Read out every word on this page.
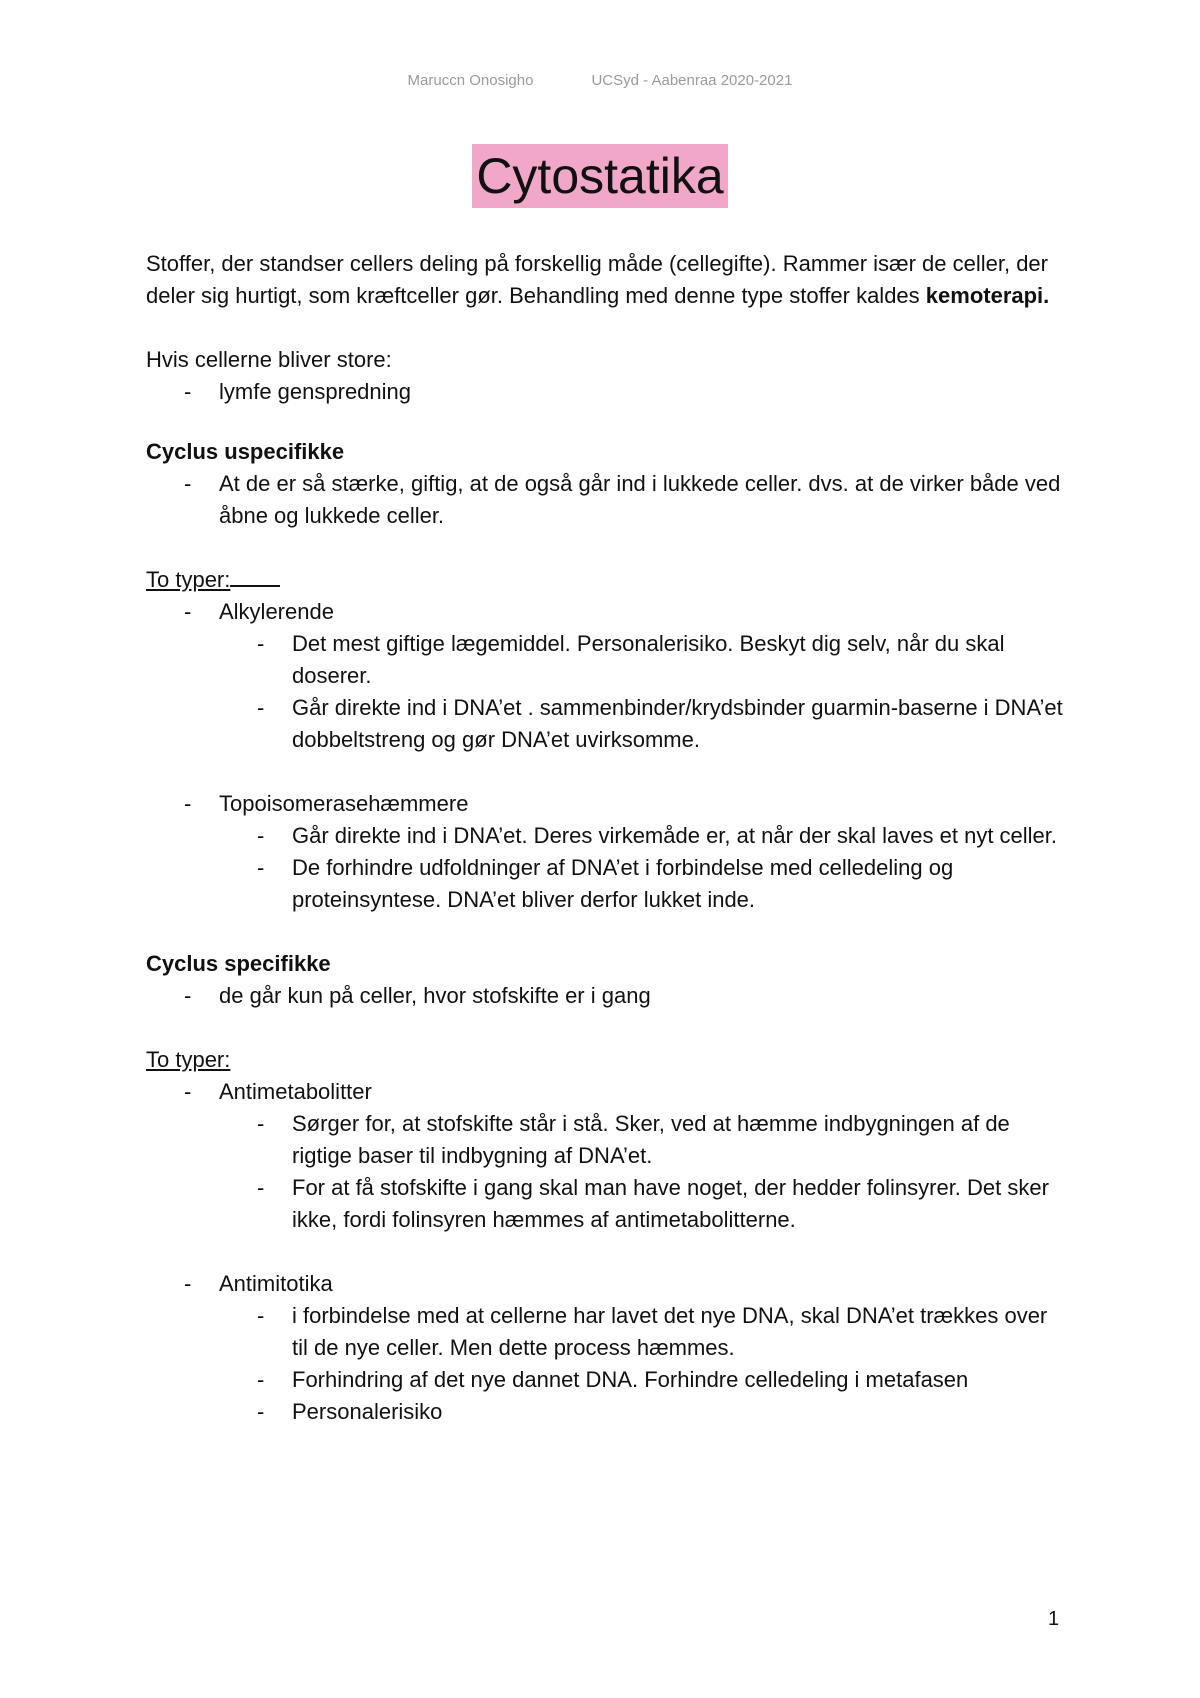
Maruccn Onosigho	UCSyd - Aabenraa 2020-2021
Cytostatika

Stoffer, der standser cellers deling på forskellig måde (cellegifte). Rammer især de celler, der deler sig hurtigt, som kræftceller gør. Behandling med denne type stoffer kaldes kemoterapi.

Hvis cellerne bliver store:

- lymfe genspredning

Cyclus uspecifikke

- At de er så stærke, giftig, at de også går ind i lukkede celler. dvs. at de virker både ved åbne og lukkede celler.

To typer:

- Alkylerende
- Det mest giftige lægemiddel. Personalerisiko. Beskyt dig selv, når du skal doserer.
- Går direkte ind i DNA’et . sammenbinder/krydsbinder guarmin-baserne i DNA’et dobbeltstreng og gør DNA’et uvirksomme.
- Topoisomerasehæmmere
- Går direkte ind i DNA’et. Deres virkemåde er, at når der skal laves et nyt celler.
- De forhindre udfoldninger af DNA’et i forbindelse med celledeling og proteinsyntese. DNA’et bliver derfor lukket inde.

Cyclus specifikke

- de går kun på celler, hvor stofskifte er i gang

To typer:

- Antimetabolitter
- Sørger for, at stofskifte står i stå. Sker, ved at hæmme indbygningen af de rigtige baser til indbygning af DNA’et.
- For at få stofskifte i gang skal man have noget, der hedder folinsyrer. Det sker ikke, fordi folinsyren hæmmes af antimetabolitterne.
- Antimitotika
- i forbindelse med at cellerne har lavet det nye DNA, skal DNA’et trækkes over til de nye celler. Men dette process hæmmes.
- Forhindring af det nye dannet DNA. Forhindre celledeling i metafasen
- Personalerisiko
1
